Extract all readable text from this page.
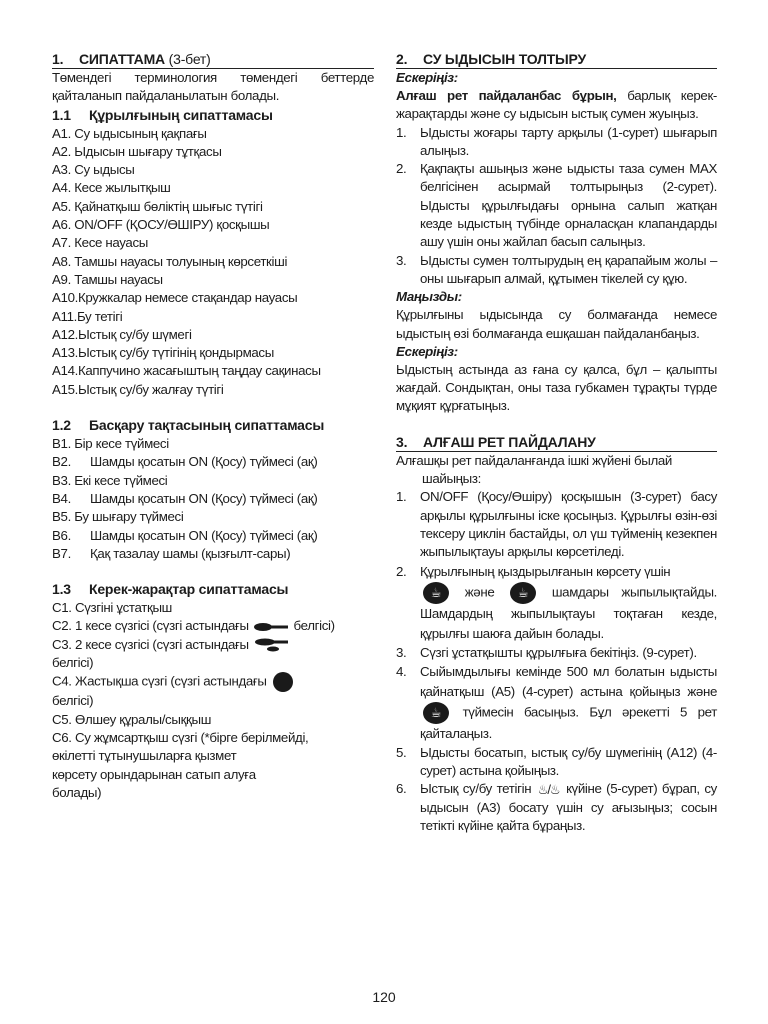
1. СИПАТТАМА (3-бет)

Төмендегі терминология төмендегі беттерде қайталанып пайдаланылатын болады.

1.1 Құрылғының сипаттамасы
A1. Су ыдысының қақпағы
A2. Ыдысын шығару тұтқасы
A3. Су ыдысы
A4. Кесе жылытқыш
A5. Қайнатқыш бөліктің шығыс түтігі
A6. ON/OFF (ҚОСУ/ӨШІРУ) қосқышы
A7. Кесе науасы
A8. Тамшы науасы толуының көрсеткіші
A9. Тамшы науасы
A10.Кружкалар немесе стақандар науасы
A11.Бу тетігі
A12.Ыстық су/бу шүмегі
A13.Ыстық су/бу түтігінің қондырмасы
A14.Каппучино жасағыштың таңдау сақинасы
A15.Ыстық су/бу жалғау түтігі
1.2 Басқару тақтасының сипаттамасы
B1. Бір кесе түймесі
B2. Шамды қосатын ON (Қосу) түймесі (ақ)
B3. Екі кесе түймесі
B4. Шамды қосатын ON (Қосу) түймесі (ақ)
B5. Бу шығару түймесі
B6. Шамды қосатын ON (Қосу) түймесі (ақ)
B7. Қақ тазалау шамы (қызғылт-сары)
1.3 Керек-жарақтар сипаттамасы
C1. Сүзгіні ұстатқыш
C2. 1 кесе сүзгісі (сүзгі астындағы	белгісі)
C3. 2 кесе сүзгісі (сүзгі астындағы
белгісі)
C4. Жастықша сүзгі (сүзгі астындағы
белгісі)
C5. Өлшеу құралы/сыққыш
C6. Су жұмсартқыш сүзгі (*бірге берілмейді,
өкілетті тұтынушыларға қызмет
көрсету орындарынан сатып алуға
болады)
2. СУ ЫДЫСЫН ТОЛТЫРУ

Ескерiңiз:

Алғаш рет пайдаланбас бұрын, барлық керек-жарақтарды және су ыдысын ыстық сумен жуыңыз.

1. Ыдысты жоғары тарту арқылы (1-сурет) шығарып алыңыз.
2. Қақпақты ашыңыз және ыдысты таза сумен MAX белгісінен асырмай толтырыңыз (2-сурет). Ыдысты құрылғыдағы орнына салып жатқан кезде ыдыстың түбінде орналасқан клапандарды ашу үшін оны жайлап басып салыңыз.
3. Ыдысты сумен толтырудың ең қарапайым жолы – оны шығарып алмай, құтымен тікелей су құю.

Маңызды:

Құрылғыны ыдысында су болмағанда немесе ыдыстың өзі болмағанда ешқашан пайдаланбаңыз.

Ескерiңiз:

Ыдыстың астында аз ғана су қалса, бұл – қалыпты жағдай. Сондықтан, оны таза губкамен тұрақты түрде мұқият құрғатыңыз.

3. АЛҒАШ РЕТ ПАЙДАЛАНУ

Алғашқы рет пайдаланғанда ішкі жүйені былай

шайыңыз:

1. ON/OFF (Қосу/Өшіру) қосқышын (3-сурет) басу арқылы құрылғыны іске қосыңыз. Құрылғы өзін-өзі тексеру циклін бастайды, ол үш түйменің кезекпен жыпылықтауы арқылы көрсетіледі.
2. Құрылғының қыздырылғанын көрсету үшін
☕ және ☕ шамдары жыпылықтайды. Шамдардың жыпылықтауы тоқтаған кезде, құрылғы шаюға дайын болады.
3. Сүзгі ұстатқышты құрылғыға бекітіңіз. (9-сурет).
4. Сыйымдылығы кемінде 500 мл болатын ыдысты қайнатқыш (A5) (4-сурет) астына қойыңыз және ☕ түймесін басыңыз. Бұл әрекетті 5 рет қайталаңыз.
5. Ыдысты босатып, ыстық су/бу шүмегінің (A12) (4-сурет) астына қойыңыз.
6. Ыстық су/бу тетігін ♨/♨ күйіне (5-сурет) бұрап, су ыдысын (A3) босату үшін су ағызыңыз; сосын тетікті күйіне қайта бұраңыз.
120
